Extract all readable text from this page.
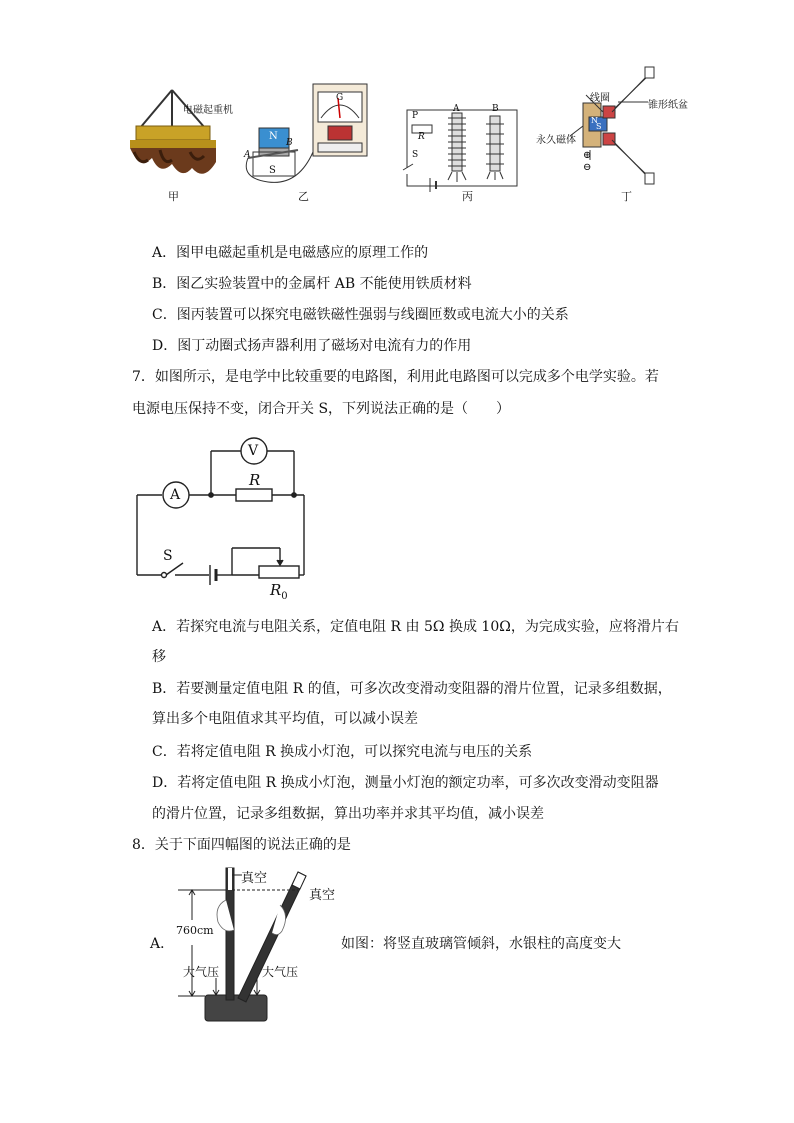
电磁起重机
甲	乙
G
A
B
N
S
丙
A	B
P
R
S
丁
线圈
锥形纸盆
永久磁体
N
S
⊕
⊖
A．图甲电磁起重机是电磁感应的原理工作的
B．图乙实验装置中的金属杆 AB 不能使用铁质材料
C．图丙装置可以探究电磁铁磁性强弱与线圈匝数或电流大小的关系
D．图丁动圈式扬声器利用了磁场对电流有力的作用
7．如图所示，是电学中比较重要的电路图，利用此电路图可以完成多个电学实验。若
电源电压保持不变，闭合开关 S，下列说法正确的是（　　）
V
A
R
S
$R_0$
A．若探究电流与电阻关系，定值电阻 R 由 5Ω 换成 10Ω，为完成实验，应将滑片右
移
B．若要测量定值电阻 R 的值，可多次改变滑动变阻器的滑片位置，记录多组数据，
算出多个电阻值求其平均值，可以减小误差
C．若将定值电阻 R 换成小灯泡，可以探究电流与电压的关系
D．若将定值电阻 R 换成小灯泡，测量小灯泡的额定功率，可多次改变滑动变阻器
的滑片位置，记录多组数据，算出功率并求其平均值，减小误差
8．关于下面四幅图的说法正确的是
A．
真空
真空
760cm
大气压	大气压
如图：将竖直玻璃管倾斜，水银柱的高度变大
